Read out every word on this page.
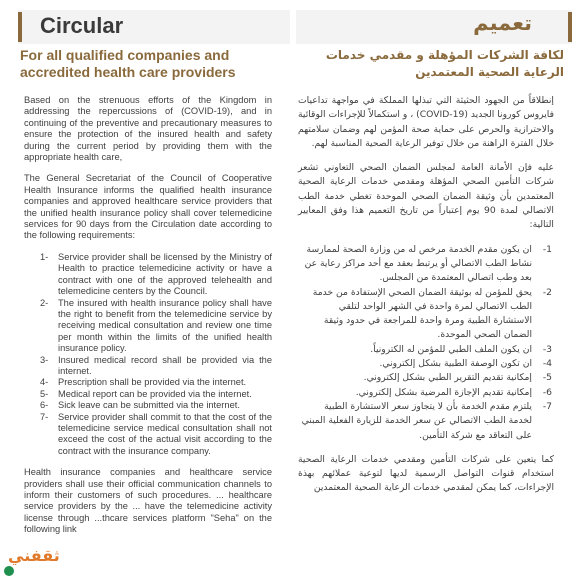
Circular	تعميم
For all qualified companies and accredited health care providers
لكافة الشركات المؤهلة و مقدمي خدمات الرعاية الصحية المعتمدين

Based on the strenuous efforts of the Kingdom in addressing the repercussions of (COVID-19), and in continuing of the preventive and precautionary measures to ensure the protection of the insured health and safety during the current period by providing them with the appropriate health care,

The General Secretariat of the Council of Cooperative Health Insurance informs the qualified health insurance companies and approved healthcare service providers that the unified health insurance policy shall cover telemedicine services for 90 days from the Circulation date according to the following requirements:

1- Service provider shall be licensed by the Ministry of Health to practice telemedicine activity or have a contract with one of the approved telehealth and telemedicine centers by the Council.
2- The insured with health insurance policy shall have the right to benefit from the telemedicine service by receiving medical consultation and review one time per month within the limits of the unified health insurance policy.
3- Insured medical record shall be provided via the internet.
4- Prescription shall be provided via the internet.
5- Medical report can be provided via the internet.
6- Sick leave can be submitted via the internet.
7- Service provider shall commit to that the cost of the telemedicine service medical consultation shall not exceed the cost of the actual visit according to the contract with the insurance company.

Health insurance companies and healthcare service providers shall use their official communication channels to inform their customers of such procedures. ... healthcare service providers by the ... have the telemedicine activity license through ...thcare services platform "Seha" on the following link

إنطلاقاً من الجهود الحثيثة التي تبذلها المملكة في مواجهة تداعيات فايروس كورونا الجديد (COVID-19) ، و استكمالاً للإجراءات الوقائية والاحترازية والحرص على حماية صحة المؤمن لهم وضمان سلامتهم خلال الفترة الراهنة من خلال توفير الرعاية الصحية المناسبة لهم.

عليه فإن الأمانة العامة لمجلس الضمان الصحي التعاوني تشعر شركات التأمين الصحي المؤهلة ومقدمي خدمات الرعاية الصحية المعتمدين بأن وثيقة الضمان الصحي الموحدة تغطي خدمة الطب الاتصالي لمدة 90 يوم إعتباراً من تاريخ التعميم هذا وفق المعايير التالية:

1-
ان يكون مقدم الخدمة مرخص له من وزارة الصحة لممارسة نشاط الطب الاتصالي أو يرتبط بعقد مع أحد مراكز رعاية عن بعد وطب اتصالي المعتمدة من المجلس.
2-
يحق للمؤمن له بوثيقة الضمان الصحي الإستفادة من خدمة الطب الاتصالي لمرة واحدة في الشهر الواحد لتلقي الاستشارة الطبية ومرة واحدة للمراجعة في حدود وثيقة الضمان الصحي الموحدة.
3-
ان يكون الملف الطبي للمؤمن له الكترونياً.
4-
ان تكون الوصفة الطبية بشكل إلكتروني.
5-
إمكانية تقديم التقرير الطبي بشكل إلكتروني.
6-
إمكانية تقديم الإجازة المرضية بشكل إلكتروني.
7-
يلتزم مقدم الخدمة بأن لا يتجاوز سعر الاستشارة الطبية لخدمة الطب الاتصالي عن سعر الخدمة للزيارة الفعلية المبني على التعاقد مع شركة التأمين.

كما يتعين على شركات التأمين ومقدمي خدمات الرعاية الصحية استخدام قنوات التواصل الرسمية لديها لتوعية عملائهم بهذة الإجراءات، كما يمكن لمقدمي خدمات الرعاية الصحية المعتمدين

ثقفني
